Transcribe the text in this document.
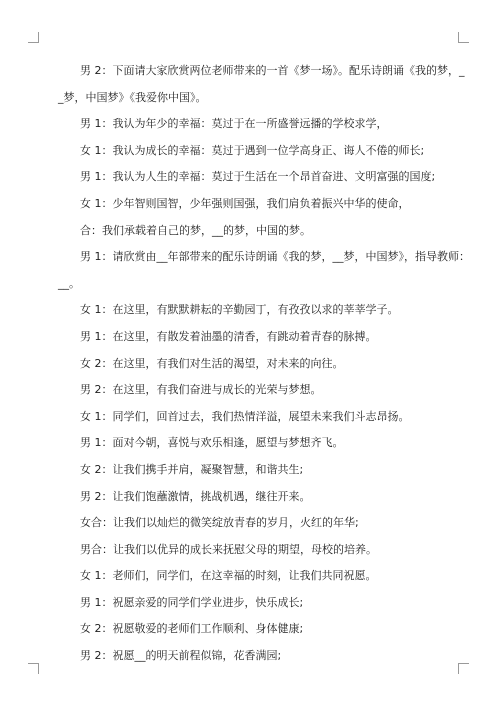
男 2：下面请大家欣赏两位老师带来的一首《梦一场》。配乐诗朗诵《我的梦，_
_梦，中国梦》《我爱你中国》。
男 1：我认为年少的幸福：莫过于在一所盛誉远播的学校求学，
女 1：我认为成长的幸福：莫过于遇到一位学高身正、诲人不倦的师长;
男 1：我认为人生的幸福：莫过于生活在一个昂首奋进、文明富强的国度;
女 1：少年智则国智，少年强则国强，我们肩负着振兴中华的使命，
合：我们承载着自己的梦，__的梦，中国的梦。
男 1：请欣赏由__年部带来的配乐诗朗诵《我的梦，__梦，中国梦》，指导教师：
__。
女 1：在这里，有默默耕耘的辛勤园丁，有孜孜以求的莘莘学子。
男 1：在这里，有散发着油墨的清香，有跳动着青春的脉搏。
女 2：在这里，有我们对生活的渴望，对未来的向往。
男 2：在这里，有我们奋进与成长的光荣与梦想。
女 1：同学们，回首过去，我们热情洋溢，展望未来我们斗志昂扬。
男 1：面对今朝，喜悦与欢乐相逢，愿望与梦想齐飞。
女 2：让我们携手并肩，凝聚智慧，和谐共生;
男 2：让我们饱蘸激情，挑战机遇，继往开来。
女合：让我们以灿烂的微笑绽放青春的岁月，火红的年华;
男合：让我们以优异的成长来抚慰父母的期望，母校的培养。
女 1：老师们，同学们，在这幸福的时刻，让我们共同祝愿。
男 1：祝愿亲爱的同学们学业进步，快乐成长;
女 2：祝愿敬爱的老师们工作顺利、身体健康;
男 2：祝愿__的明天前程似锦，花香满园;
